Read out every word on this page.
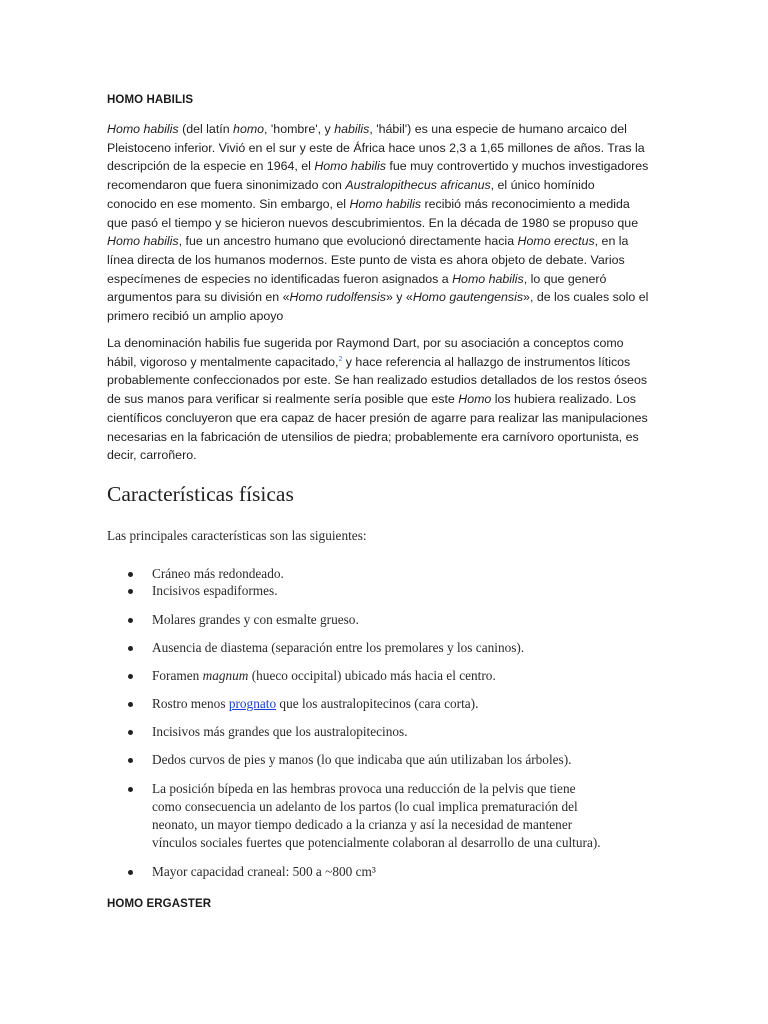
HOMO HABILIS
Homo habilis (del latín homo, 'hombre', y habilis, 'hábil') es una especie de humano arcaico del
Pleistoceno inferior. Vivió en el sur y este de África hace unos 2,3 a 1,65 millones de años. Tras la
descripción de la especie en 1964, el Homo habilis fue muy controvertido y muchos investigadores
recomendaron que fuera sinonimizado con Australopithecus africanus, el único homínido
conocido en ese momento. Sin embargo, el Homo habilis recibió más reconocimiento a medida
que pasó el tiempo y se hicieron nuevos descubrimientos. En la década de 1980 se propuso que
Homo habilis, fue un ancestro humano que evolucionó directamente hacia Homo erectus, en la
línea directa de los humanos modernos. Este punto de vista es ahora objeto de debate. Varios
especímenes de especies no identificadas fueron asignados a Homo habilis, lo que generó
argumentos para su división en «Homo rudolfensis» y «Homo gautengensis», de los cuales solo el
primero recibió un amplio apoyo
La denominación habilis fue sugerida por Raymond Dart, por su asociación a conceptos como
hábil, vigoroso y mentalmente capacitado,$^2$ y hace referencia al hallazgo de instrumentos líticos
probablemente confeccionados por este. Se han realizado estudios detallados de los restos óseos
de sus manos para verificar si realmente sería posible que este Homo los hubiera realizado. Los
científicos concluyeron que era capaz de hacer presión de agarre para realizar las manipulaciones
necesarias en la fabricación de utensilios de piedra; probablemente era carnívoro oportunista, es
decir, carroñero.
Características físicas
Las principales características son las siguientes:
Cráneo más redondeado.
Incisivos espadiformes.
Molares grandes y con esmalte grueso.
Ausencia de diastema (separación entre los premolares y los caninos).
Foramen magnum (hueco occipital) ubicado más hacia el centro.
Rostro menos prognato que los australopitecinos (cara corta).
Incisivos más grandes que los australopitecinos.
Dedos curvos de pies y manos (lo que indicaba que aún utilizaban los árboles).
La posición bípeda en las hembras provoca una reducción de la pelvis que tiene
como consecuencia un adelanto de los partos (lo cual implica prematuración del
neonato, un mayor tiempo dedicado a la crianza y así la necesidad de mantener
vínculos sociales fuertes que potencialmente colaboran al desarrollo de una cultura).
Mayor capacidad craneal: 500 a ~800 cm³
HOMO ERGASTER
